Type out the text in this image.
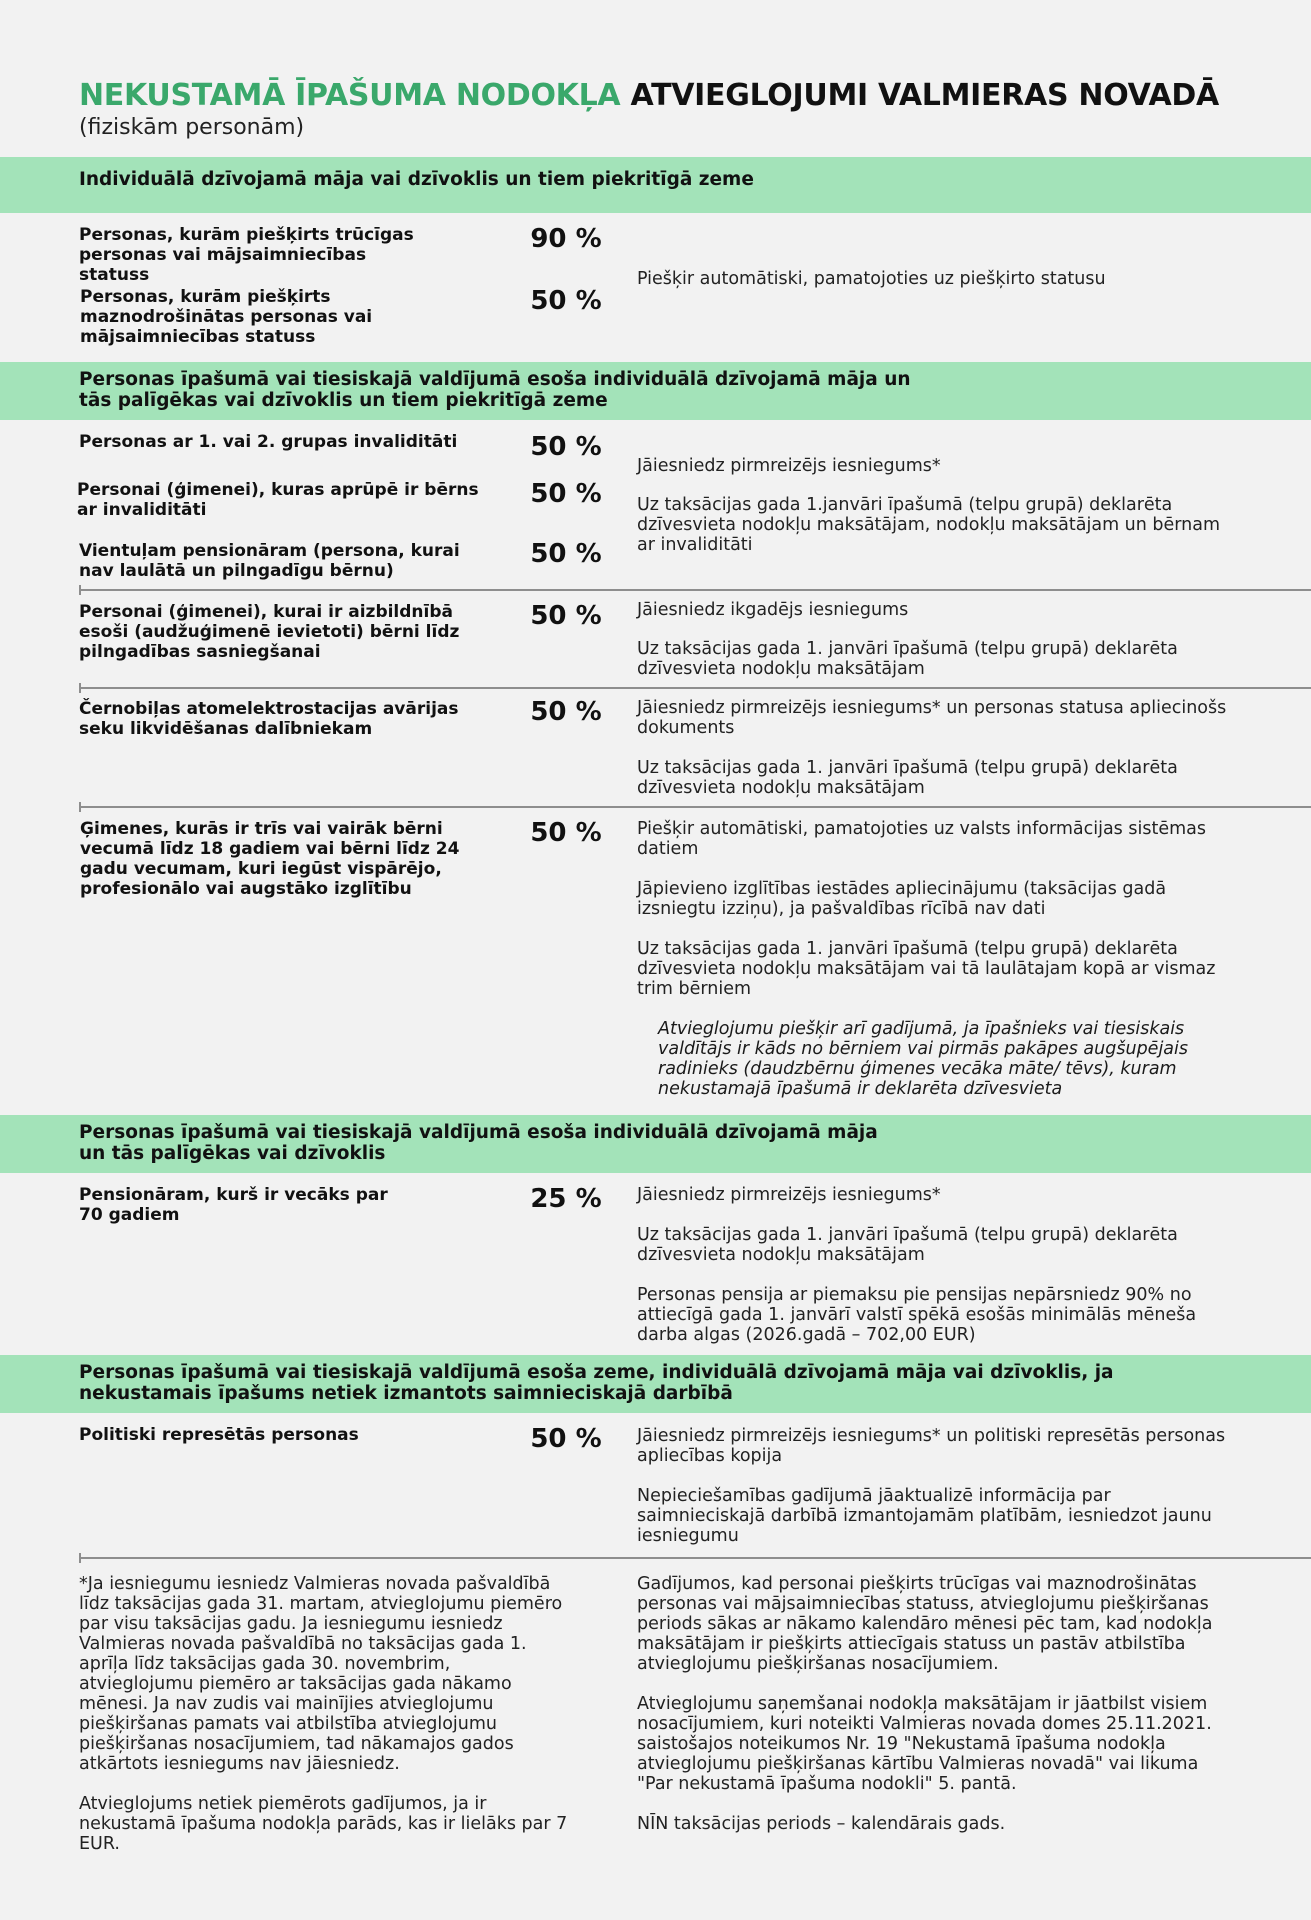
NEKUSTAMĀ ĪPAŠUMA NODOKĻA ATVIEGLOJUMI VALMIERAS NOVADĀ
(fiziskām personām)
Individuālā dzīvojamā māja vai dzīvoklis un tiem piekritīgā zeme
Personas, kurām piešķirts trūcīgas personas vai mājsaimniecības statuss
90 %
Personas, kurām piešķirts maznodrošinātas personas vai mājsaimniecības statuss
50 %
Piešķir automātiski, pamatojoties uz piešķirto statusu
Personas īpašumā vai tiesiskajā valdījumā esoša individuālā dzīvojamā māja un
tās palīgēkas vai dzīvoklis un tiem piekritīgā zeme
Personas ar 1. vai 2. grupas invaliditāti	50 %
Personai (ģimenei), kuras aprūpē ir bērns ar invaliditāti
50 %
Vientuļam pensionāram (persona, kurai nav laulātā un pilngadīgu bērnu)
50 %
Jāiesniedz pirmreizējs iesniegums*
Uz taksācijas gada 1.janvāri īpašumā (telpu grupā) deklarēta dzīvesvieta nodokļu maksātājam, nodokļu maksātājam un bērnam ar invaliditāti
Personai (ģimenei), kurai ir aizbildnībā esoši (audžuģimenē ievietoti) bērni līdz pilngadības sasniegšanai
50 % Jāiesniedz ikgadējs iesniegums
Uz taksācijas gada 1. janvāri īpašumā (telpu grupā) deklarēta dzīvesvieta nodokļu maksātājam
Černobiļas atomelektrostacijas avārijas seku likvidēšanas dalībniekam
50 % Jāiesniedz pirmreizējs iesniegums* un personas statusa apliecinošs dokuments
Uz taksācijas gada 1. janvāri īpašumā (telpu grupā) deklarēta dzīvesvieta nodokļu maksātājam
Ģimenes, kurās ir trīs vai vairāk bērni vecumā līdz 18 gadiem vai bērni līdz 24 gadu vecumam, kuri iegūst vispārējo, profesionālo vai augstāko izglītību
50 % Piešķir automātiski, pamatojoties uz valsts informācijas sistēmas datiem
Jāpievieno izglītības iestādes apliecinājumu (taksācijas gadā izsniegtu izziņu), ja pašvaldības rīcībā nav dati
Uz taksācijas gada 1. janvāri īpašumā (telpu grupā) deklarēta dzīvesvieta nodokļu maksātājam vai tā laulātajam kopā ar vismaz trim bērniem
Atvieglojumu piešķir arī gadījumā, ja īpašnieks vai tiesiskais valdītājs ir kāds no bērniem vai pirmās pakāpes augšupējais radinieks (daudzbērnu ģimenes vecāka māte/ tēvs), kuram nekustamajā īpašumā ir deklarēta dzīvesvieta
Personas īpašumā vai tiesiskajā valdījumā esoša individuālā dzīvojamā māja
un tās palīgēkas vai dzīvoklis
Pensionāram, kurš ir vecāks par 70 gadiem
25 % Jāiesniedz pirmreizējs iesniegums*
Uz taksācijas gada 1. janvāri īpašumā (telpu grupā) deklarēta dzīvesvieta nodokļu maksātājam
Personas pensija ar piemaksu pie pensijas nepārsniedz 90% no attiecīgā gada 1. janvārī valstī spēkā esošās minimālās mēneša darba algas (2026.gadā – 702,00 EUR)
Personas īpašumā vai tiesiskajā valdījumā esoša zeme, individuālā dzīvojamā māja vai dzīvoklis, ja
nekustamais īpašums netiek izmantots saimnieciskajā darbībā
Politiski represētās personas	50 % Jāiesniedz pirmreizējs iesniegums* un politiski represētās personas apliecības kopija
Nepieciešamības gadījumā jāaktualizē informācija par saimnieciskajā darbībā izmantojamām platībām, iesniedzot jaunu iesniegumu

*Ja iesniegumu iesniedz Valmieras novada pašvaldībā līdz taksācijas gada 31. martam, atvieglojumu piemēro par visu taksācijas gadu. Ja iesniegumu iesniedz Valmieras novada pašvaldībā no taksācijas gada 1. aprīļa līdz taksācijas gada 30. novembrim, atvieglojumu piemēro ar taksācijas gada nākamo mēnesi. Ja nav zudis vai mainījies atvieglojumu piešķiršanas pamats vai atbilstība atvieglojumu piešķiršanas nosacījumiem, tad nākamajos gados atkārtots iesniegums nav jāiesniedz.

Atvieglojums netiek piemērots gadījumos, ja ir nekustamā īpašuma nodokļa parāds, kas ir lielāks par 7 EUR.

Gadījumos, kad personai piešķirts trūcīgas vai maznodrošinātas personas vai mājsaimniecības statuss, atvieglojumu piešķiršanas periods sākas ar nākamo kalendāro mēnesi pēc tam, kad nodokļa maksātājam ir piešķirts attiecīgais statuss un pastāv atbilstība atvieglojumu piešķiršanas nosacījumiem.

Atvieglojumu saņemšanai nodokļa maksātājam ir jāatbilst visiem nosacījumiem, kuri noteikti Valmieras novada domes 25.11.2021. saistošajos noteikumos Nr. 19 "Nekustamā īpašuma nodokļa atvieglojumu piešķiršanas kārtību Valmieras novadā" vai likuma "Par nekustamā īpašuma nodokli" 5. pantā.

NĪN taksācijas periods – kalendārais gads.
